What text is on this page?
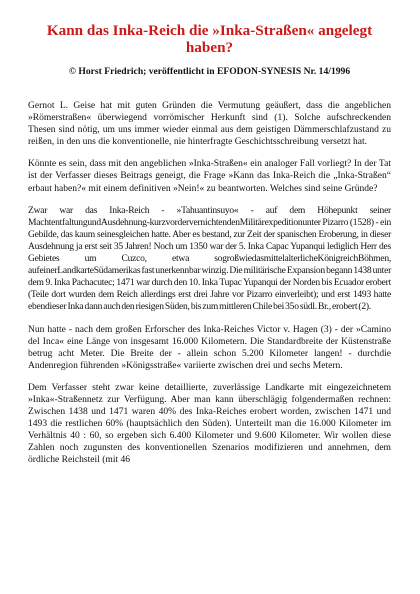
Kann das Inka-Reich die »Inka-Straßen« angelegt haben?

© Horst Friedrich; veröffentlicht in EFODON-SYNESIS Nr. 14/1996

Gernot L. Geise hat mit guten Gründen die Vermutung geäußert, dass die angeblichen »Römerstraßen« überwiegend vorrömischer Herkunft sind (1). Solche aufschreckenden Thesen sind nötig, um uns immer wieder einmal aus dem geistigen Dämmerschlafzustand zu reißen, in den uns die konventionelle, nie hinterfragte Geschichtsschreibung versetzt hat.

Könnte es sein, dass mit den angeblichen »Inka-Straßen« ein analoger Fall vorliegt? In der Tat ist der Verfasser dieses Beitrags geneigt, die Frage »Kann das Inka-Reich die „Inka-Straßen“ erbaut haben?« mit einem definitiven »Nein!« zu beantworten. Welches sind seine Gründe?

Zwar war das Inka-Reich - »Tahuantinsuyo« - auf dem Höhepunkt seiner MachtentfaltungundAusdehnung-kurzvordervernichtendenMilitärexpeditionunter Pizarro (1528) - ein Gebilde, das kaum seinesgleichen hatte. Aber es bestand, zur Zeit der spanischen Eroberung, in dieser Ausdehnung ja erst seit 35 Jahren! Noch um 1350 war der 5. Inka Capac Yupanqui lediglich Herr des Gebietes um Cuzco, etwa sogroßwiedasmittelalterlicheKönigreichBöhmen, aufeinerLandkarteSüdamerikas fast unerkennbar winzig. Die militärische Expansion begann 1438 unter dem 9. Inka Pachacutec; 1471 war durch den 10. Inka Tupac Yupanqui der Norden bis Ecuador erobert (Teile dort wurden dem Reich allerdings erst drei Jahre vor Pizarro einverleibt); und erst 1493 hatte ebendieser Inka dann auch den riesigen Süden, bis zum mittleren Chile bei 35o südl. Br., erobert (2).

Nun hatte - nach dem großen Erforscher des Inka-Reiches Victor v. Hagen (3) - der »Camino del Inca« eine Länge von insgesamt 16.000 Kilometern. Die Standardbreite der Küstenstraße betrug acht Meter. Die Breite der - allein schon 5.200 Kilometer langen! - durchdie Andenregion führenden »Königsstraße« variierte zwischen drei und sechs Metern.

Dem Verfasser steht zwar keine detaillierte, zuverlässige Landkarte mit eingezeichnetem »Inka«-Straßennetz zur Verfügung. Aber man kann überschlägig folgendermaßen rechnen: Zwischen 1438 und 1471 waren 40% des Inka-Reiches erobert worden, zwischen 1471 und 1493 die restlichen 60% (hauptsächlich den Süden). Unterteilt man die 16.000 Kilometer im Verhältnis 40 : 60, so ergeben sich 6.400 Kilometer und 9.600 Kilometer. Wir wollen diese Zahlen noch zugunsten des konventionellen Szenarios modifizieren und annehmen, dem ördliche Reichsteil (mit 46
